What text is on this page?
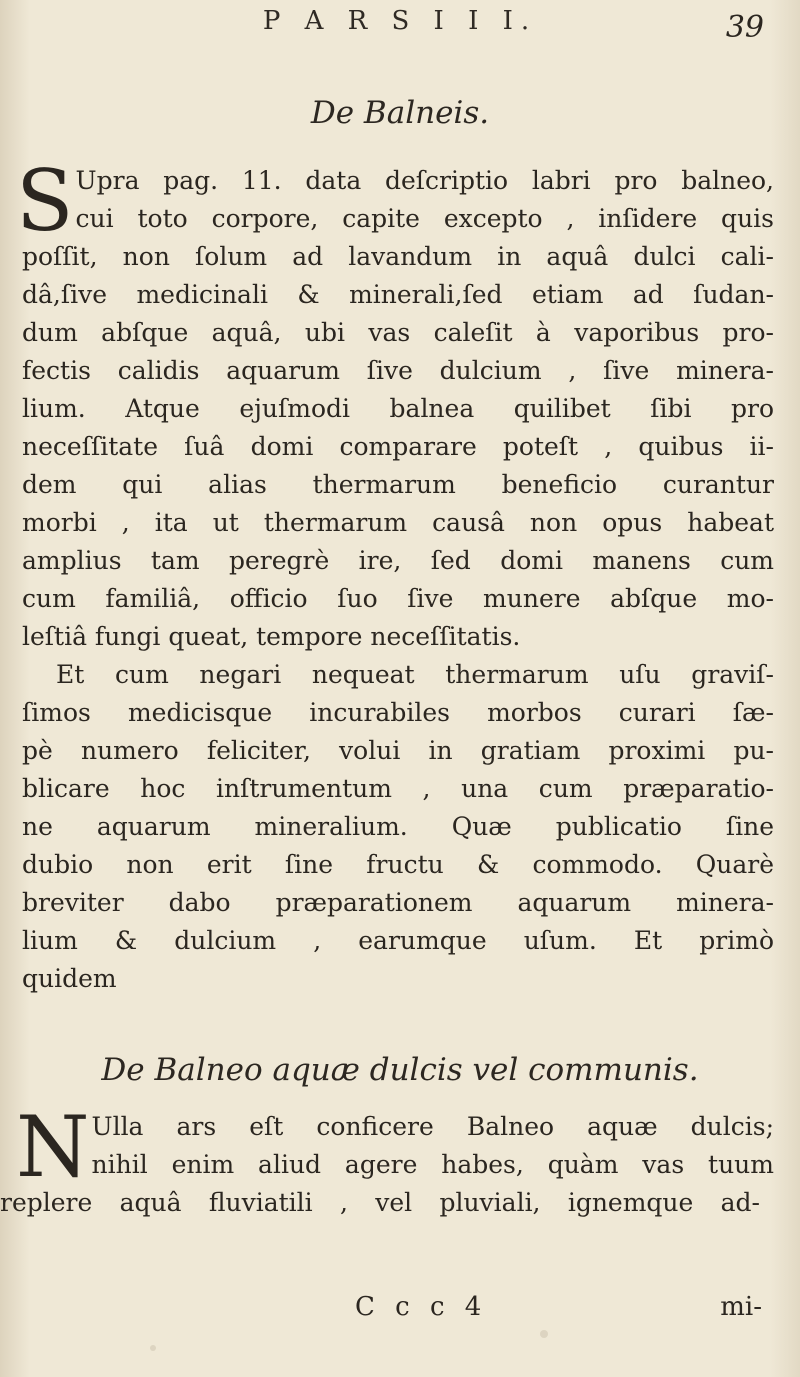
P A R S I I I.	39
De Balneis.
S Upra pag. 11. data deſcriptio labri pro balneo,
cui toto corpore, capite excepto , inſidere quis
poſſit, non ſolum ad lavandum in aquâ dulci cali-
dâ,ſive medicinali & minerali,ſed etiam ad ſudan-
dum abſque aquâ, ubi vas caleſit à vaporibus pro-
fectis calidis aquarum ſive dulcium , ſive minera-
lium. Atque ejuſmodi balnea quilibet ſibi pro
neceſſitate ſuâ domi comparare poteſt , quibus ii-
dem qui alias thermarum beneficio curantur
morbi , ita ut thermarum causâ non opus habeat
amplius tam peregrè ire, ſed domi manens cum
cum familiâ, officio ſuo ſive munere abſque mo-
leſtiâ fungi queat, tempore neceſſitatis.
Et cum negari nequeat thermarum uſu graviſ-
ſimos medicisque incurabiles morbos curari ſæ-
pè numero feliciter, volui in gratiam proximi pu-
blicare hoc inſtrumentum , una cum præparatio-
ne aquarum mineralium. Quæ publicatio ſine
dubio non erit ſine fructu & commodo. Quarè
breviter dabo præparationem aquarum minera-
lium & dulcium , earumque uſum. Et primò
quidem
De Balneo aquæ dulcis vel communis.
N Ulla ars eſt conficere Balneo aquæ dulcis;
nihil enim aliud agere habes, quàm vas tuum
replere aquâ fluviatili , vel pluviali, ignemque ad-
C c c 4	mi-
